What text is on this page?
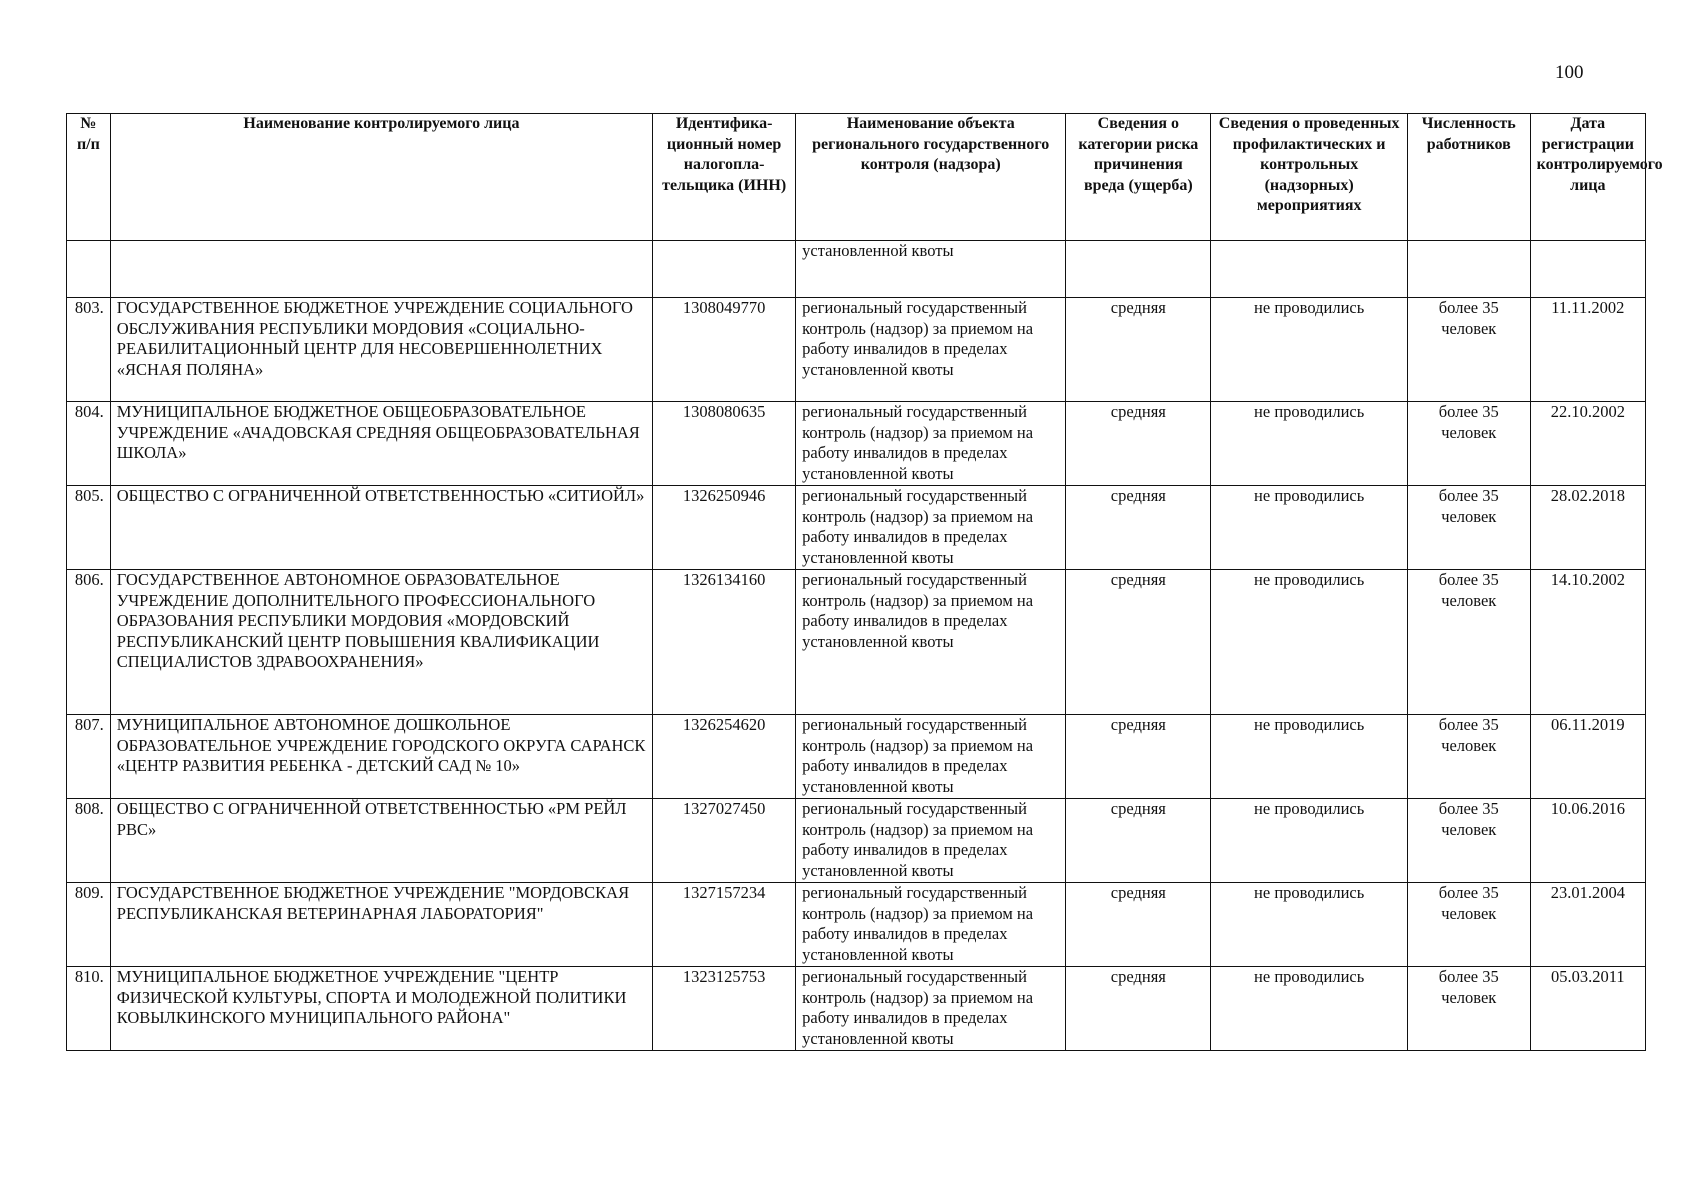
100
№ п/п	Наименование контролируемого лица	Идентифика-ционный номер налогопла-тельщика (ИНН)	Наименование объекта регионального государственного контроля (надзора)	Сведения о категории риска причинения вреда (ущерба)	Сведения о проведенных профилактических и контрольных (надзорных) мероприятиях	Численность работников	Дата регистрации контролируемого лица
			установленной квоты				
803.	ГОСУДАРСТВЕННОЕ БЮДЖЕТНОЕ УЧРЕЖДЕНИЕ СОЦИАЛЬНОГО ОБСЛУЖИВАНИЯ РЕСПУБЛИКИ МОРДОВИЯ «СОЦИАЛЬНО-РЕАБИЛИТАЦИОННЫЙ ЦЕНТР ДЛЯ НЕСОВЕРШЕННОЛЕТНИХ «ЯСНАЯ ПОЛЯНА»	1308049770	региональный государственный контроль (надзор) за приемом на работу инвалидов в пределах установленной квоты	средняя	не проводились	более 35 человек	11.11.2002
804.	МУНИЦИПАЛЬНОЕ БЮДЖЕТНОЕ ОБЩЕОБРАЗОВАТЕЛЬНОЕ УЧРЕЖДЕНИЕ «АЧАДОВСКАЯ СРЕДНЯЯ ОБЩЕОБРАЗОВАТЕЛЬНАЯ ШКОЛА»	1308080635	региональный государственный контроль (надзор) за приемом на работу инвалидов в пределах установленной квоты	средняя	не проводились	более 35 человек	22.10.2002
805.	ОБЩЕСТВО С ОГРАНИЧЕННОЙ ОТВЕТСТВЕННОСТЬЮ «СИТИОЙЛ»	1326250946	региональный государственный контроль (надзор) за приемом на работу инвалидов в пределах установленной квоты	средняя	не проводились	более 35 человек	28.02.2018
806.	ГОСУДАРСТВЕННОЕ АВТОНОМНОЕ ОБРАЗОВАТЕЛЬНОЕ УЧРЕЖДЕНИЕ ДОПОЛНИТЕЛЬНОГО ПРОФЕССИОНАЛЬНОГО ОБРАЗОВАНИЯ РЕСПУБЛИКИ МОРДОВИЯ «МОРДОВСКИЙ РЕСПУБЛИКАНСКИЙ ЦЕНТР ПОВЫШЕНИЯ КВАЛИФИКАЦИИ СПЕЦИАЛИСТОВ ЗДРАВООХРАНЕНИЯ»	1326134160	региональный государственный контроль (надзор) за приемом на работу инвалидов в пределах установленной квоты	средняя	не проводились	более 35 человек	14.10.2002
807.	МУНИЦИПАЛЬНОЕ АВТОНОМНОЕ ДОШКОЛЬНОЕ ОБРАЗОВАТЕЛЬНОЕ УЧРЕЖДЕНИЕ ГОРОДСКОГО ОКРУГА САРАНСК «ЦЕНТР РАЗВИТИЯ РЕБЕНКА - ДЕТСКИЙ САД № 10»	1326254620	региональный государственный контроль (надзор) за приемом на работу инвалидов в пределах установленной квоты	средняя	не проводились	более 35 человек	06.11.2019
808.	ОБЩЕСТВО С ОГРАНИЧЕННОЙ ОТВЕТСТВЕННОСТЬЮ «РМ РЕЙЛ РВС»	1327027450	региональный государственный контроль (надзор) за приемом на работу инвалидов в пределах установленной квоты	средняя	не проводились	более 35 человек	10.06.2016
809.	ГОСУДАРСТВЕННОЕ БЮДЖЕТНОЕ УЧРЕЖДЕНИЕ "МОРДОВСКАЯ РЕСПУБЛИКАНСКАЯ ВЕТЕРИНАРНАЯ ЛАБОРАТОРИЯ"	1327157234	региональный государственный контроль (надзор) за приемом на работу инвалидов в пределах установленной квоты	средняя	не проводились	более 35 человек	23.01.2004
810.	МУНИЦИПАЛЬНОЕ БЮДЖЕТНОЕ УЧРЕЖДЕНИЕ "ЦЕНТР ФИЗИЧЕСКОЙ КУЛЬТУРЫ, СПОРТА И МОЛОДЕЖНОЙ ПОЛИТИКИ КОВЫЛКИНСКОГО МУНИЦИПАЛЬНОГО РАЙОНА"	1323125753	региональный государственный контроль (надзор) за приемом на работу инвалидов в пределах установленной квоты	средняя	не проводились	более 35 человек	05.03.2011
